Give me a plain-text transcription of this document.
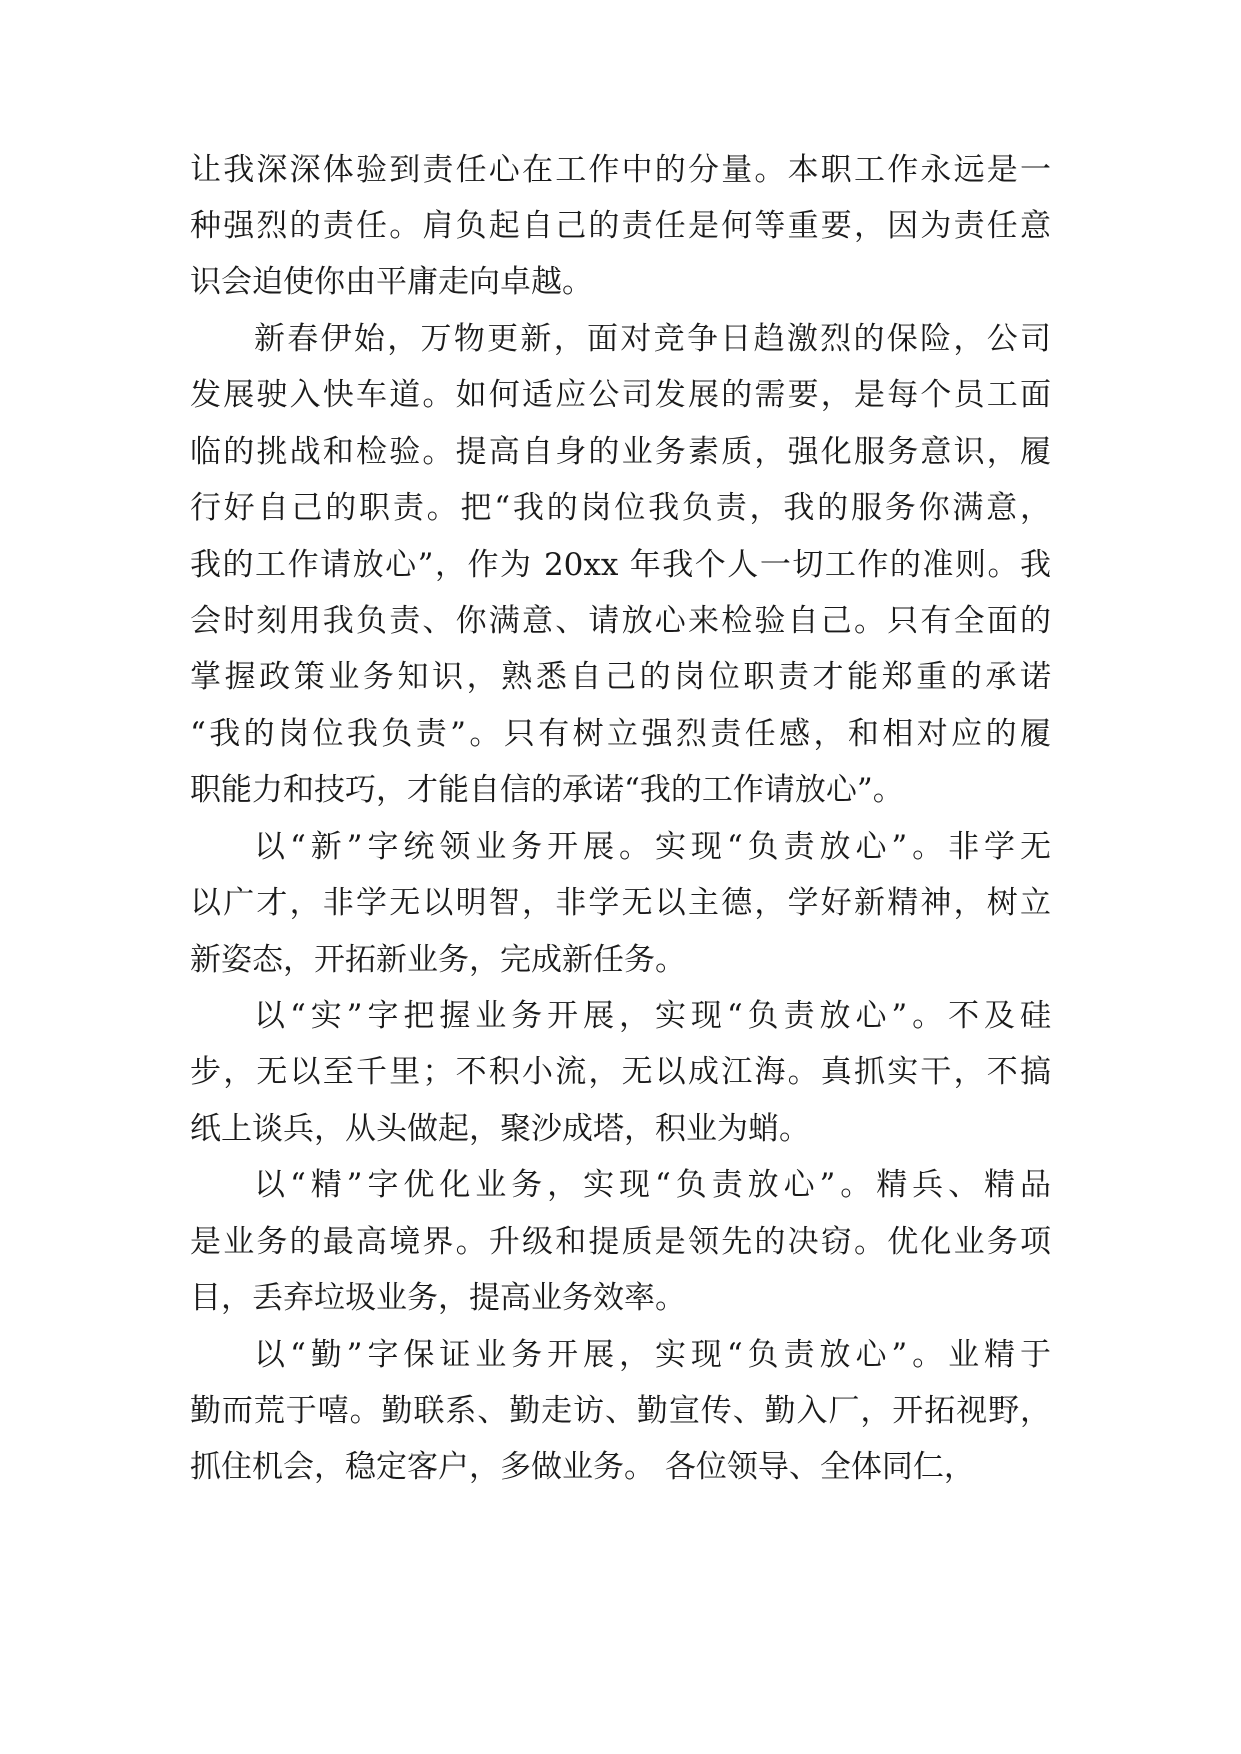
让我深深体验到责任心在工作中的分量。本职工作永远是一
种强烈的责任。肩负起自己的责任是何等重要，因为责任意
识会迫使你由平庸走向卓越。
新春伊始，万物更新，面对竞争日趋激烈的保险，公司
发展驶入快车道。如何适应公司发展的需要，是每个员工面
临的挑战和检验。提高自身的业务素质，强化服务意识，履
行好自己的职责。把“我的岗位我负责，我的服务你满意，
我的工作请放心”，作为 20xx 年我个人一切工作的准则。我
会时刻用我负责、你满意、请放心来检验自己。只有全面的
掌握政策业务知识，熟悉自己的岗位职责才能郑重的承诺
“我的岗位我负责”。只有树立强烈责任感，和相对应的履
职能力和技巧，才能自信的承诺“我的工作请放心”。
以“新”字统领业务开展。实现“负责放心”。非学无
以广才，非学无以明智，非学无以主德，学好新精神，树立
新姿态，开拓新业务，完成新任务。
以“实”字把握业务开展，实现“负责放心”。不及硅
步，无以至千里；不积小流，无以成江海。真抓实干，不搞
纸上谈兵，从头做起，聚沙成塔，积业为蛸。
以“精”字优化业务，实现“负责放心”。精兵、精品
是业务的最高境界。升级和提质是领先的决窃。优化业务项
目，丢弃垃圾业务，提高业务效率。
以“勤”字保证业务开展，实现“负责放心”。业精于
勤而荒于嘻。勤联系、勤走访、勤宣传、勤入厂，开拓视野，
抓住机会，稳定客户，多做业务。 各位领导、全体同仁，
